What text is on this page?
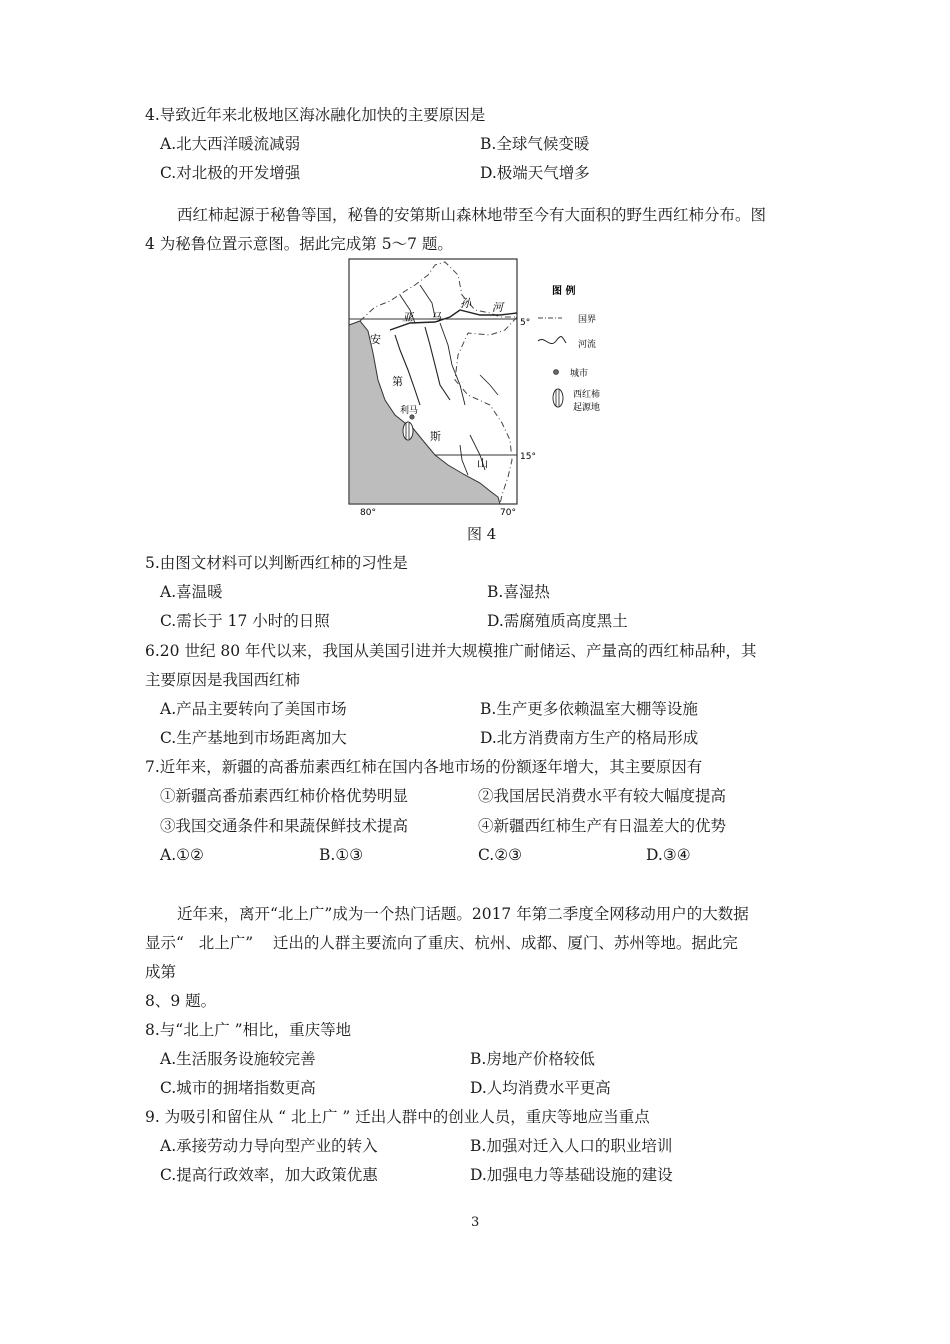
4.导致近年来北极地区海冰融化加快的主要原因是
A.北大西洋暖流减弱	B.全球气候变暖
C.对北极的开发增强	D.极端天气增多
西红柿起源于秘鲁等国，秘鲁的安第斯山森林地带至今有大面积的野生西红柿分布。图
4 为秘鲁位置示意图。据此完成第 5～7 题。
利马
亚 马
孙 河
安
第
斯
山
5°
15°
80°	70°
图 例
国界
河流
城市
西红柿
起源地
图 4
5.由图文材料可以判断西红柿的习性是
A.喜温暖	B.喜湿热
C.需长于 17 小时的日照	D.需腐殖质高度黑土
6.20 世纪 80 年代以来，我国从美国引进并大规模推广耐储运、产量高的西红柿品种，其
主要原因是我国西红柿
A.产品主要转向了美国市场	B.生产更多依赖温室大棚等设施
C.生产基地到市场距离加大	D.北方消费南方生产的格局形成
7.近年来，新疆的高番茄素西红柿在国内各地市场的份额逐年增大，其主要原因有
①新疆高番茄素西红柿价格优势明显	②我国居民消费水平有较大幅度提高
③我国交通条件和果蔬保鲜技术提高	④新疆西红柿生产有日温差大的优势
A.①②	B.①③	C.②③	D.③④
近年来，离开“北上广”成为一个热门话题。2017 年第二季度全网移动用户的大数据
显示“   北上广”    迁出的人群主要流向了重庆、杭州、成都、厦门、苏州等地。据此完
成第
8、9 题。
8.与“北上广 ”相比，重庆等地
A.生活服务设施较完善	B.房地产价格较低
C.城市的拥堵指数更高	D.人均消费水平更高
9. 为吸引和留住从 “ 北上广 ” 迁出人群中的创业人员，重庆等地应当重点
A.承接劳动力导向型产业的转入	B.加强对迁入人口的职业培训
C.提高行政效率，加大政策优惠	D.加强电力等基础设施的建设
3
